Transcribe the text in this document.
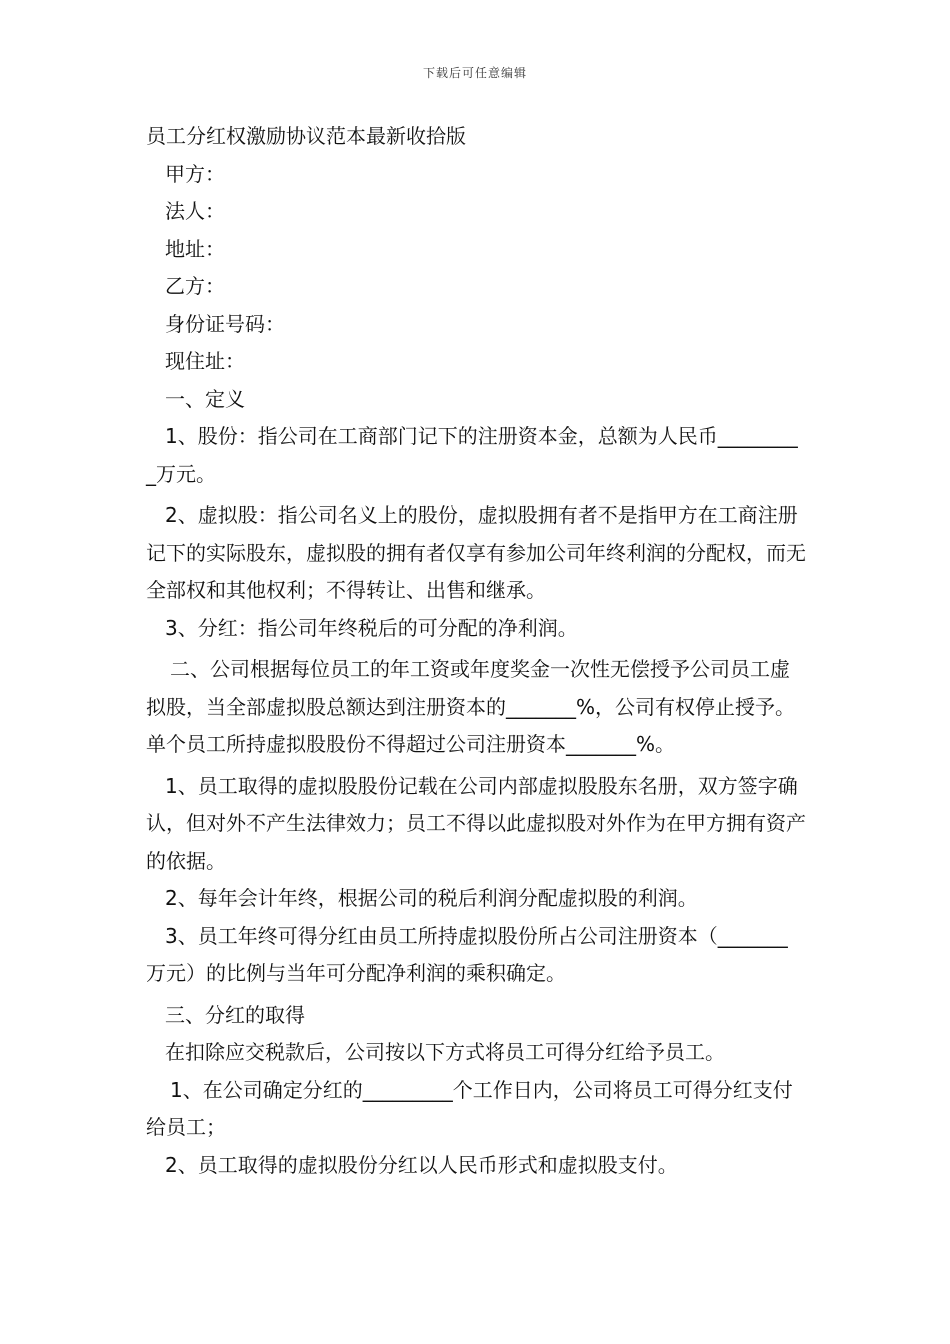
下载后可任意编辑

员工分红权激励协议范本最新收拾版

甲方：

法人：

地址：

乙方：

身份证号码：

现住址：

一、定义

1、股份：指公司在工商部门记下的注册资本金，总额为人民币_________万元。

2、虚拟股：指公司名义上的股份，虚拟股拥有者不是指甲方在工商注册记下的实际股东，虚拟股的拥有者仅享有参加公司年终利润的分配权，而无全部权和其他权利；不得转让、出售和继承。

3、分红：指公司年终税后的可分配的净利润。

二、公司根据每位员工的年工资或年度奖金一次性无偿授予公司员工虚拟股，当全部虚拟股总额达到注册资本的_______%，公司有权停止授予。单个员工所持虚拟股股份不得超过公司注册资本_______%。

1、员工取得的虚拟股股份记载在公司内部虚拟股股东名册，双方签字确认，但对外不产生法律效力；员工不得以此虚拟股对外作为在甲方拥有资产的依据。

2、每年会计年终，根据公司的税后利润分配虚拟股的利润。

3、员工年终可得分红由员工所持虚拟股份所占公司注册资本（_______万元）的比例与当年可分配净利润的乘积确定。

三、分红的取得

在扣除应交税款后，公司按以下方式将员工可得分红给予员工。

1、在公司确定分红的_________个工作日内，公司将员工可得分红支付给员工；

2、员工取得的虚拟股份分红以人民币形式和虚拟股支付。
